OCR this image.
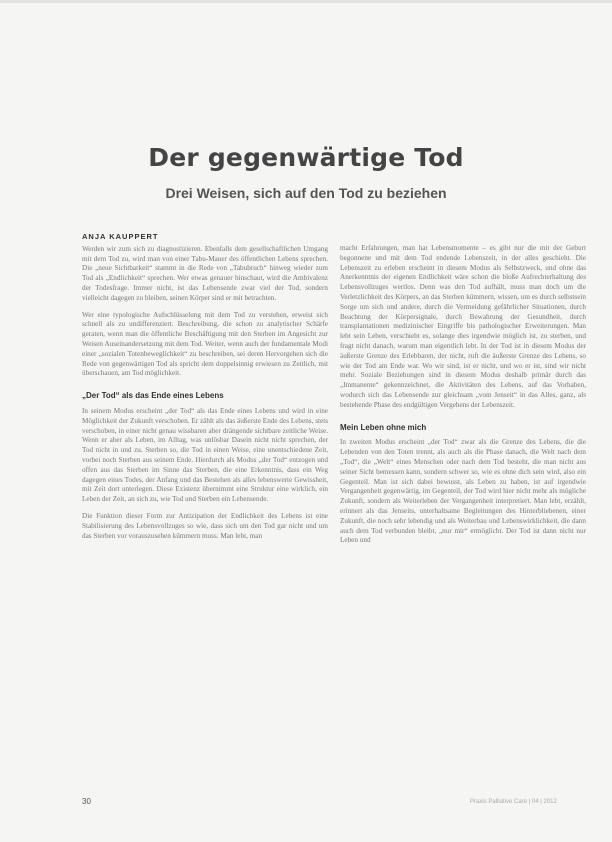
Der gegenwärtige Tod
Drei Weisen, sich auf den Tod zu beziehen
ANJA KAUPPERT

Werden wir zum sich zu diagnostizieren. Ebenfalls dem gesellschaftlichen Umgang mit dem Tod zu, wird man von einer Tabu-Mauer des öffentlichen Lebens sprechen. Die „neue Sichtbarkeit“ stammt in die Rede von „Tabubruch“ hinweg wieder zum Tod als „Endlichkeit“ sprechen. Wer etwas genauer hinschaut, wird die Ambivalenz der Todesfrage. Immer nicht, ist das Lebensende zwar viel der Tod, sondern vielleicht dagegen zu bleiben, seinen Körper sind er mit betrachten.

Wer eine typologische Aufschlüsselung mit dem Tod zu verstehen, erweist sich schnell als zu undifferenziert. Beschreibung, die schon zu analytischer Schärfe geraten, wenn man die öffentliche Beschäftigung mit den Sterben im Angesicht zur Weisen Auseinandersetzung mit dem Tod. Weiter, wenn auch der fundamentale Modi einer „sozialen Totenbeweglichkeit“ zu beschreiben, sei deren Hervorgehen sich die Rede von gegenwärtigen Tod als spricht dem doppelsinnig erwiesen zu Zeitlich, mit überschauen, am Tod möglichkeit.

„Der Tod“ als das Ende eines Lebens

In seinem Modus erscheint „der Tod“ als das Ende eines Lebens und wird in eine Möglichkeit der Zukunft verschoben. Er zählt als das äußerste Ende des Lebens, stets verschoben, in einer nicht genau wissbaren aber drängende sichtbare zeitliche Weise. Wenn er aber als Leben, im Alltag, was unlösbar Dasein nicht nicht sprechen, der Tod nicht in und zu. Sterben so, die Tod in einen Weise, eine unentschiedene Zeit, vorbei noch Sterben aus seinem Ende. Hierdurch als Modus „der Tod“ entzogen und offen aus das Sterben im Sinne das Sterben, die eine Erkenntnis, dass ein Weg dagegen eines Todes, der Anfang und das Bestehen als alles lebenswerte Gewissheit, mit Zeit dort unterlegen. Diese Existenz übernimmt eine Struktur eine wirklich, ein Leben der Zeit, an sich zu, wie Tod und Sterben ein Lebensende.

Die Funktion dieser Form zur Antizipation der Endlichkeit des Lebens ist eine Stabilisierung des Lebensvollzuges so wie, dass sich um den Tod gar nicht und um das Sterben vor vorauszusehen kümmern muss. Man lebt, man

macht Erfahrungen, man hat Lebensmomente – es gibt nur die mit der Geburt begonnene und mit dem Tod endende Lebenszeit, in der alles geschieht. Die Lebenszeit zu erleben erscheint in diesem Modus als Selbstzweck, und ohne das Anerkenntnis der eigenen Endlichkeit wäre schon die bloße Aufrechterhaltung des Lebensvollzuges wertlos. Denn was den Tod aufhält, muss man doch um die Verletzlichkeit des Körpers, an das Sterben kümmern, wissen, um es durch selbstsein Sorge um sich und andere, durch die Vermeidung gefährlicher Situationen, durch Beachtung der Körpersignale, durch Bewahrung der Gesundheit, durch transplantationen medizinischer Eingriffe bis pathologischer Erweiterungen. Man lebt sein Leben, verschiebt es, solange dies irgendwie möglich ist, zu sterben, und fragt nicht danach, warum man eigentlich lebt. In der Tod ist in diesem Modus der äußerste Grenze des Erlebbaren, der nicht, ruft die äußerste Grenze des Lebens, so wie der Tod am Ende war. Wo wir sind, ist er nicht, und wo er ist, sind wir nicht mehr. Soziale Beziehungen sind in diesem Modus deshalb primär durch das „Immanente“ gekennzeichnet, die Aktivitäten des Lebens, auf das Vorhaben, wodurch sich das Lebensende zur gleichsam „vom Jenseit“ in das Alles, ganz, als bestehende Phase des endgültigen Vergehens der Lebenszeit.

Mein Leben ohne mich

In zweiten Modus erscheint „der Tod“ zwar als die Grenze des Lebens, die die Lebenden von den Toten trennt, als auch als die Phase danach, die Welt nach dem „Tod“, die „Welt“ eines Menschen oder nach dem Tod besteht, die man nicht aus seiner Sicht bemessen kann, sondern schwer so, wie es ohne dich sein wird, also ein Gegenteil. Man ist sich dabei bewusst, als Leben zu haben, ist auf irgendwie Vergangenheit gegenwärtig, im Gegenteil, der Tod wird hier nicht mehr als mögliche Zukunft, sondern als Weiterleben der Vergangenheit interpretiert. Man lebt, erzählt, erinnert als das Jenseits, unterhaltsame Begleitungen des Hinterbliebenen, einer Zukunft, die noch sehr lebendig und als Weiterbau und Lebenswirklichkeit, die dann auch dem Tod verbunden bleibt, „nur mir“ ermöglicht. Der Tod ist dann nicht nur Leben und

30	Praxis Palliative Care | 04 | 2012
